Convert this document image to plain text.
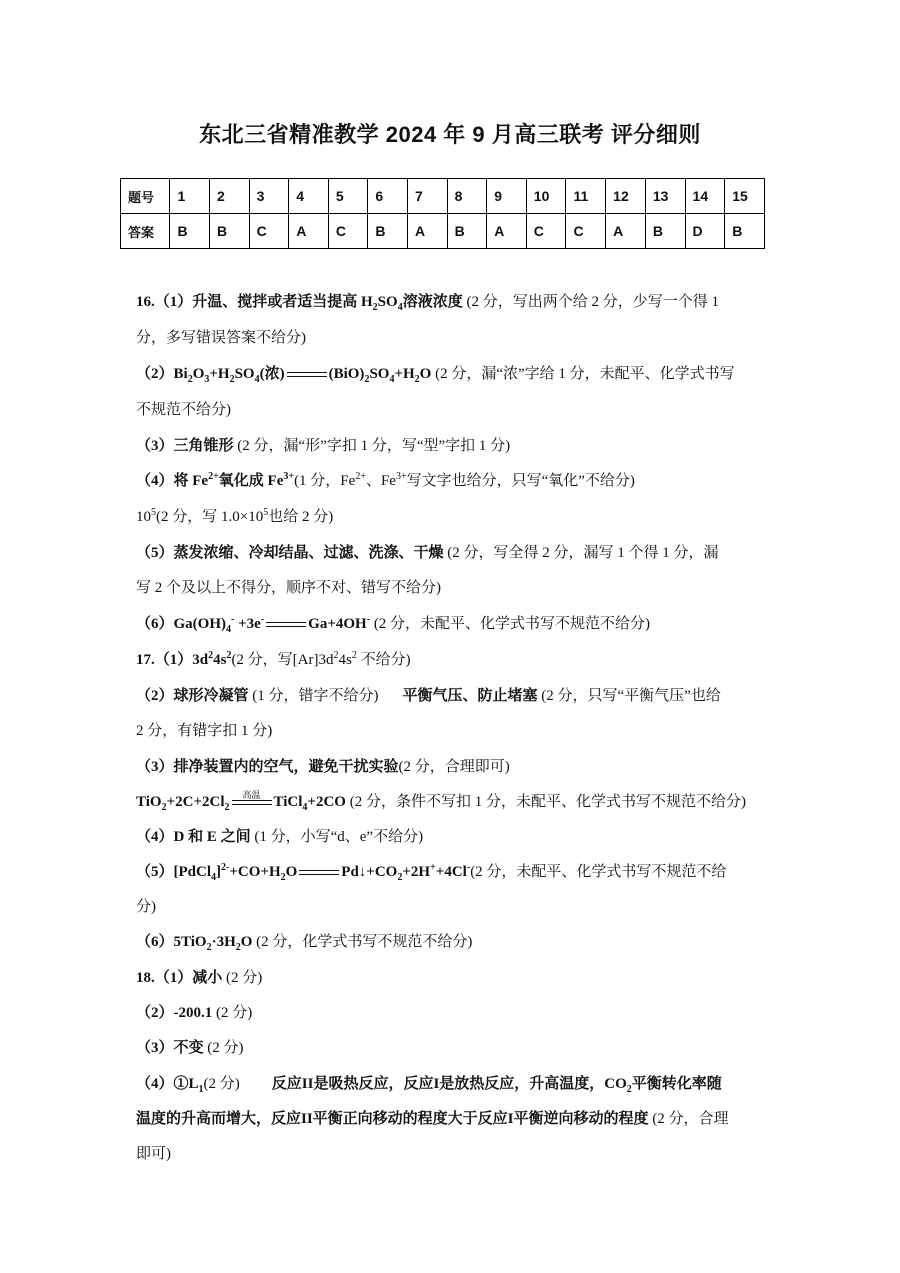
东北三省精准教学 2024 年 9 月高三联考 评分细则
题号	1	2	3	4	5	6	7	8	9	10	11	12	13	14	15
答案	B	B	C	A	C	B	A	B	A	C	C	A	B	D	B
16.（1）升温、搅拌或者适当提高 $H_2SO_4$溶液浓度 (2 分，写出两个给 2 分，少写一个得 1
分，多写错误答案不给分)
$(2)Bi_2O_3+H_2SO_4$(浓)	$(BiO)_2SO_4+H_2O$ (2 分，漏“浓”字给 1 分，未配平、化学式书写
不规范不给分)
（3）三角锥形 (2 分，漏“形”字扣 1 分，写“型”字扣 1 分)
（4）将 $Fe^{2+}$氧化成 $Fe^{3+}(1$ 分，$Fe^{2+}$、$Fe^{3+}$写文字也给分，只写“氧化”不给分)
$10^5(2$ 分，写 $1.0\times 10^5$也给 2 分)
（5）蒸发浓缩、冷却结晶、过滤、洗涤、干燥 (2 分，写全得 2 分，漏写 1 个得 1 分，漏
写 2 个及以上不得分，顺序不对、错写不给分)
$(6)Ga(OH)_4^- +3e^-$	Ga+4OH- (2 分，未配平、化学式书写不规范不给分)
$17.(1)3d^24s^2(2$ 分，写$[Ar]3d^24s^2$ 不给分)
（2）球形冷凝管 (1 分，错字不给分) 平衡气压、防止堵塞 (2 分，只写“平衡气压”也给
2 分，有错字扣 1 分)
（3）排净装置内的空气，避免干扰实验(2 分，合理即可)
$TiO_2+2C+2Cl_2$
高温 TiCl$_4$+2CO (2 分，条件不写扣 1 分，未配平、化学式书写不规范不给分)
（4）D 和 E 之间 (1 分，小写“d、e”不给分)
$(5)[PdCl_4]^{2-}+CO+H_2O$	$Pd↓+CO_2+2H^++4Cl^-(2$ 分，未配平、化学式书写不规范不给
分)
$(6)5TiO_2\cdot 3H_2O$ (2 分，化学式书写不规范不给分)
18.（1）减小 (2 分)
（2）-200.1 (2 分)
（3）不变 (2 分)
$(4)①L_1(2$ 分) 反应II是吸热反应，反应I是放热反应，升高温度，$CO_2$平衡转化率随
温度的升高而增大，反应II平衡正向移动的程度大于反应I平衡逆向移动的程度 (2 分，合理
即可)
